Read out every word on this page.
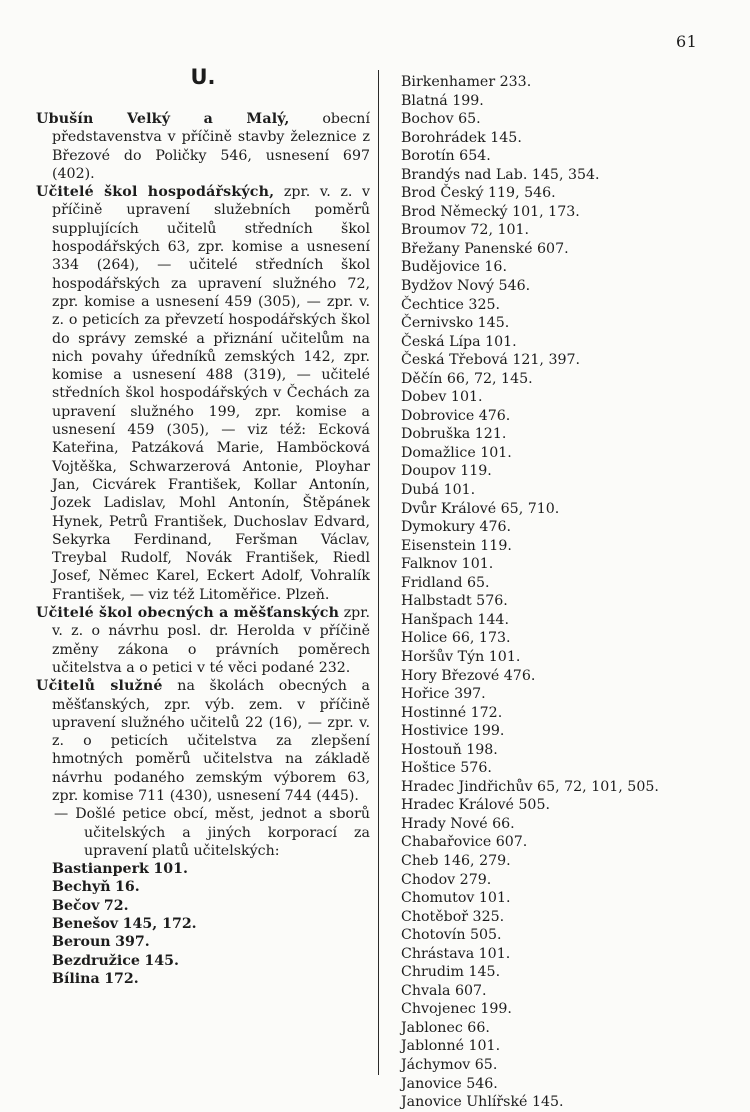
61
U.

Ubušín Velký a Malý, obecní představenstva v příčině stavby železnice z Březové do Poličky 546, usnesení 697 (402).

Učitelé škol hospodářských, zpr. v. z. v příčině upravení služebních poměrů supplujících učitelů středních škol hospodářských 63, zpr. komise a usnesení 334 (264), — učitelé středních škol hospodářských za upravení služného 72, zpr. komise a usnesení 459 (305), — zpr. v. z. o peticích za převzetí hospodářských škol do správy zemské a přiznání učitelům na nich povahy úředníků zemských 142, zpr. komise a usnesení 488 (319), — učitelé středních škol hospodářských v Čechách za upravení služného 199, zpr. komise a usnesení 459 (305), — viz též: Ecková Kateřina, Patzáková Marie, Hamböcková Vojtěška, Schwarzerová Antonie, Ployhar Jan, Cicvárek František, Kollar Antonín, Jozek Ladislav, Mohl Antonín, Štěpánek Hynek, Petrů František, Duchoslav Edvard, Sekyrka Ferdinand, Feršman Václav, Treybal Rudolf, Novák František, Riedl Josef, Němec Karel, Eckert Adolf, Vohralík František, — viz též Litoměřice. Plzeň.

Učitelé škol obecných a měšťanských zpr. v. z. o návrhu posl. dr. Herolda v příčině změny zákona o právních poměrech učitelstva a o petici v té věci podané 232.

Učitelů služné na školách obecných a měšťanských, zpr. výb. zem. v příčině upravení služného učitelů 22 (16), — zpr. v. z. o peticích učitelstva za zlepšení hmotných poměrů učitelstva na základě návrhu podaného zemským výborem 63, zpr. komise 711 (430), usnesení 744 (445).

— Došlé petice obcí, měst, jednot a sborů učitelských a jiných korporací za upravení platů učitelských:

Bastianperk 101.
Bechyň 16.
Bečov 72.
Benešov 145, 172.
Beroun 397.
Bezdružice 145.
Bílina 172.
Birkenhamer 233.
Blatná 199.
Bochov 65.
Borohrádek 145.
Borotín 654.
Brandýs nad Lab. 145, 354.
Brod Český 119, 546.
Brod Německý 101, 173.
Broumov 72, 101.
Břežany Panenské 607.
Budějovice 16.
Bydžov Nový 546.
Čechtice 325.
Černivsko 145.
Česká Lípa 101.
Česká Třebová 121, 397.
Děčín 66, 72, 145.
Dobev 101.
Dobrovice 476.
Dobruška 121.
Domažlice 101.
Doupov 119.
Dubá 101.
Dvůr Králové 65, 710.
Dymokury 476.
Eisenstein 119.
Falknov 101.
Fridland 65.
Halbstadt 576.
Hanšpach 144.
Holice 66, 173.
Horšův Týn 101.
Hory Březové 476.
Hořice 397.
Hostinné 172.
Hostivice 199.
Hostouň 198.
Hoštice 576.
Hradec Jindřichův 65, 72, 101, 505.
Hradec Králové 505.
Hrady Nové 66.
Chabařovice 607.
Cheb 146, 279.
Chodov 279.
Chomutov 101.
Chotěboř 325.
Chotovín 505.
Chrástava 101.
Chrudim 145.
Chvala 607.
Chvojenec 199.
Jablonec 66.
Jablonné 101.
Jáchymov 65.
Janovice 546.
Janovice Uhlířské 145.
